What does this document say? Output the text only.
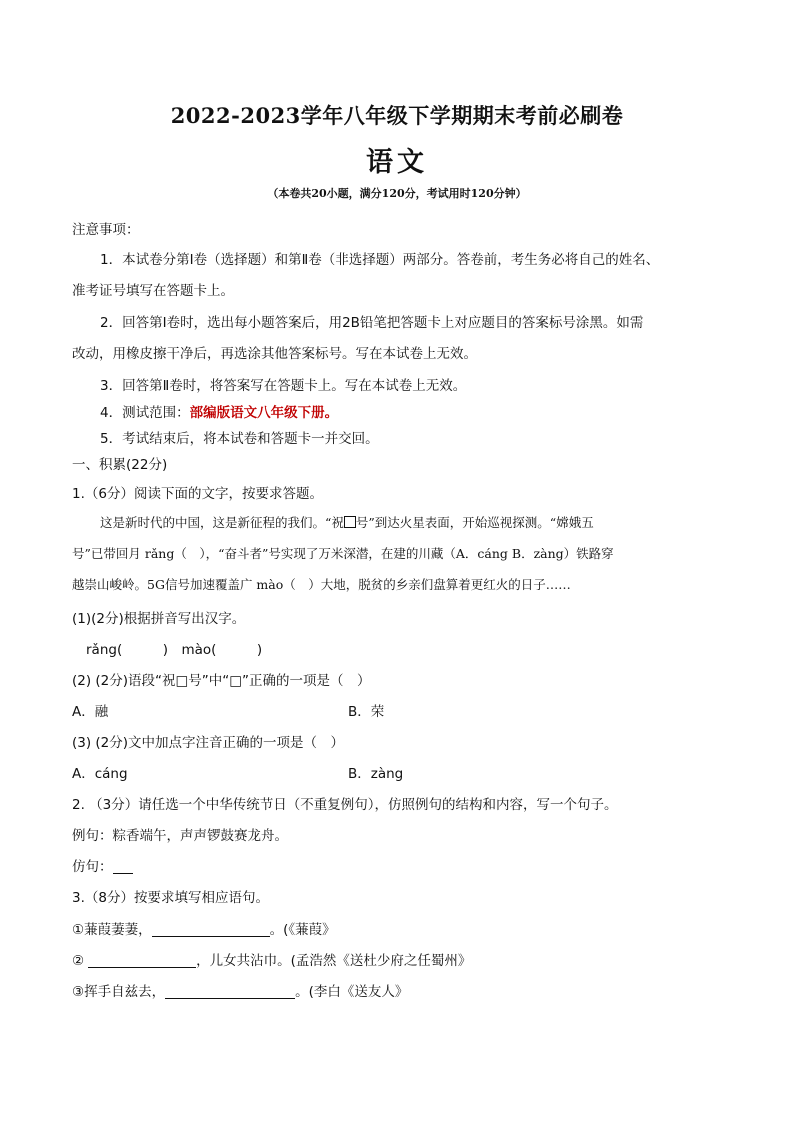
2022-2023学年八年级下学期期末考前必刷卷
语文
（本卷共20小题，满分120分，考试用时120分钟）
注意事项：
1．本试卷分第Ⅰ卷（选择题）和第Ⅱ卷（非选择题）两部分。答卷前，考生务必将自己的姓名、
准考证号填写在答题卡上。
2．回答第Ⅰ卷时，选出每小题答案后，用2B铅笔把答题卡上对应题目的答案标号涂黑。如需
改动，用橡皮擦干净后，再选涂其他答案标号。写在本试卷上无效。
3．回答第Ⅱ卷时，将答案写在答题卡上。写在本试卷上无效。
4．测试范围：部编版语文八年级下册。
5．考试结束后，将本试卷和答题卡一并交回。
一、积累(22分)
1.（6分）阅读下面的文字，按要求答题。
这是新时代的中国，这是新征程的我们。“祝 号”到达火星表面，开始巡视探测。“嫦娥五
号”已带回月 rǎng（　），“奋斗者”号实现了万米深潜，在建的川藏（A．cáng B．zàng）铁路穿
越崇山峻岭。5G信号加速覆盖广 mào（　）大地，脱贫的乡亲们盘算着更红火的日子……
(1)(2分)根据拼音写出汉字。
rǎng(　　　)　mào(　　　)
(2) (2分)语段“祝□号”中“□”正确的一项是（　）
A．融	B．荣
(3) (2分)文中加点字注音正确的一项是（　）
A．cáng	B．zàng
2. （3分）请任选一个中华传统节日（不重复例句），仿照例句的结构和内容，写一个句子。
例句：粽香端午，声声锣鼓赛龙舟。
仿句：
3.（8分）按要求填写相应语句。
①蒹葭萋萋，	。(《蒹葭》
②	，儿女共沾巾。(孟浩然《送杜少府之任蜀州》
③挥手自兹去，	。(李白《送友人》
